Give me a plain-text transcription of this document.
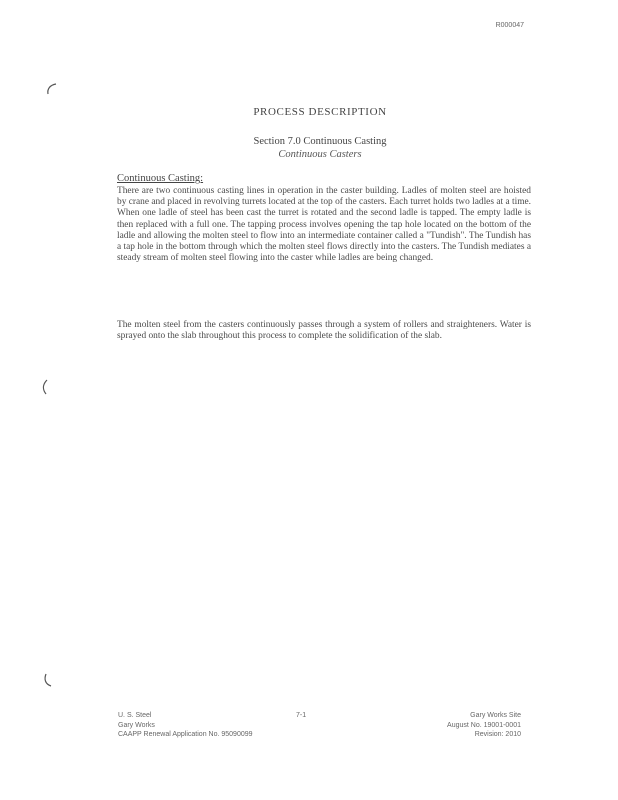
R000047
PROCESS DESCRIPTION
Section 7.0 Continuous Casting
Continuous Casters
Continuous Casting:

There are two continuous casting lines in operation in the caster building. Ladles of molten steel are hoisted by crane and placed in revolving turrets located at the top of the casters. Each turret holds two ladles at a time. When one ladle of steel has been cast the turret is rotated and the second ladle is tapped. The empty ladle is then replaced with a full one. The tapping process involves opening the tap hole located on the bottom of the ladle and allowing the molten steel to flow into an intermediate container called a "Tundish". The Tundish has a tap hole in the bottom through which the molten steel flows directly into the casters. The Tundish mediates a steady stream of molten steel flowing into the caster while ladles are being changed.

The molten steel from the casters continuously passes through a system of rollers and straighteners. Water is sprayed onto the slab throughout this process to complete the solidification of the slab.

U. S. Steel
Gary Works
CAAPP Renewal Application No. 95090099
7-1	Gary Works Site
August No. 19001-0001
Revision: 2010
